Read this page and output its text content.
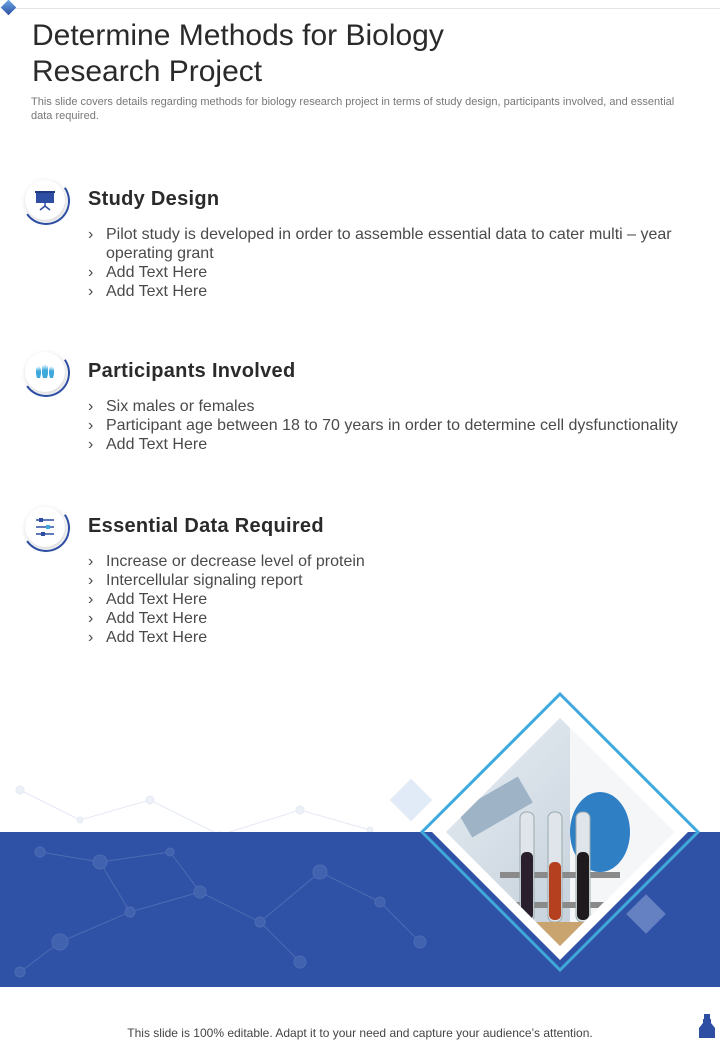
Determine Methods for Biology
Research Project
This slide covers details regarding methods for biology research project in terms of study design, participants involved, and essential data required.
Study Design
› Pilot study is developed in order to assemble essential data to cater multi – year operating grant
› Add Text Here
› Add Text Here
Participants Involved
› Six males or females
› Participant age between 18 to 70 years in order to determine cell dysfunctionality
› Add Text Here
Essential Data Required
› Increase or decrease level of protein
› Intercellular signaling report
› Add Text Here
› Add Text Here
› Add Text Here
This slide is 100% editable. Adapt it to your need and capture your audience’s attention.
